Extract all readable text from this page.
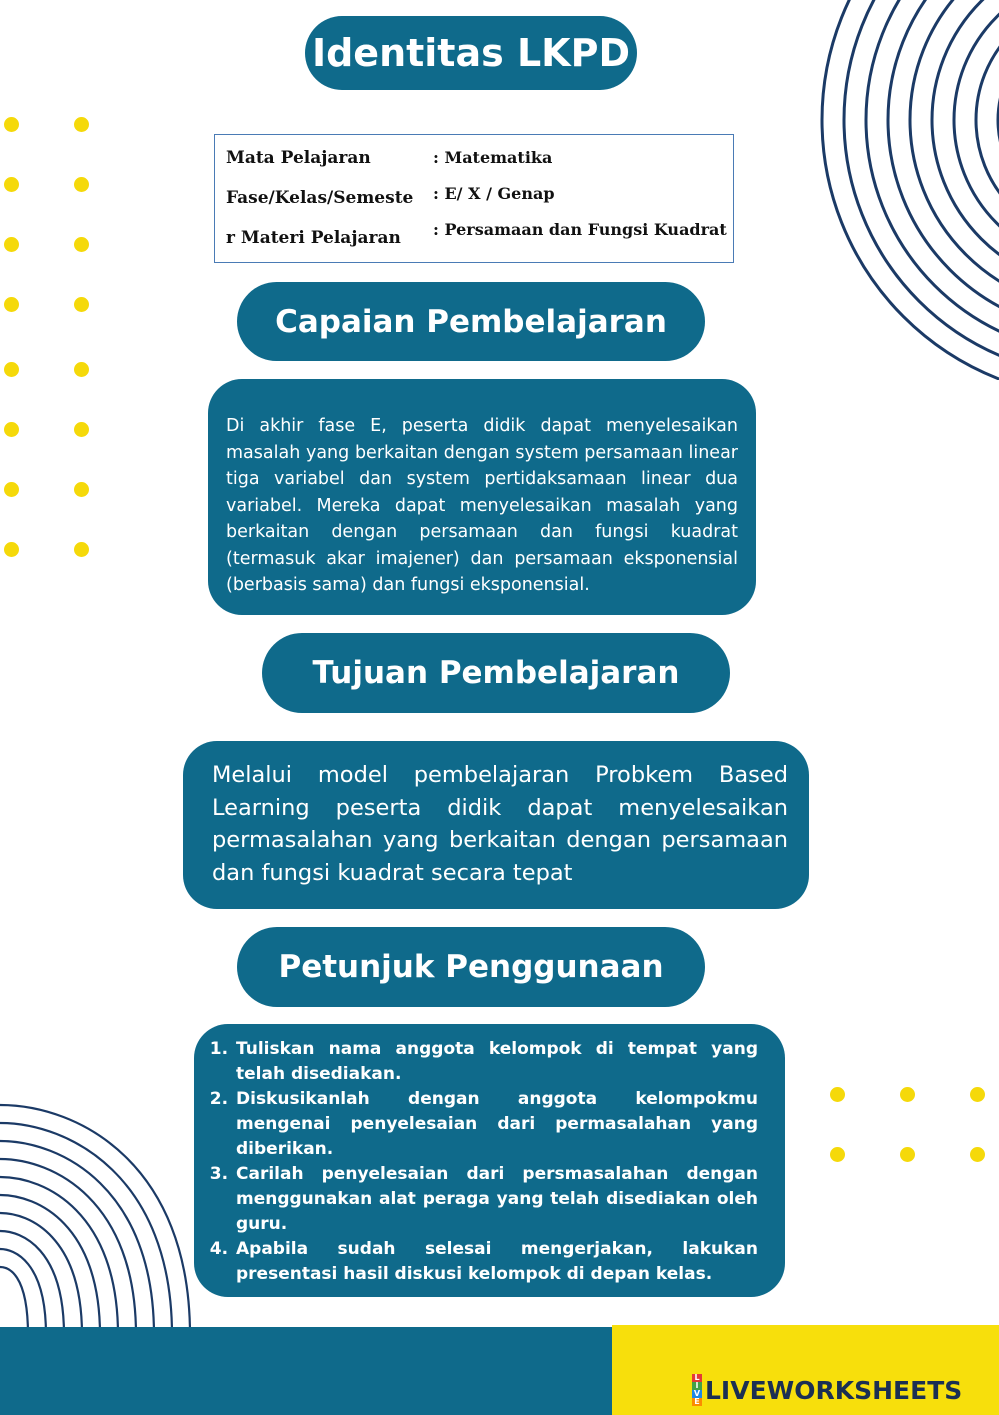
Identitas LKPD
Mata Pelajaran	: Matematika
Fase/Kelas/Semeste : E/ X / Genap
r Materi Pelajaran : Persamaan dan Fungsi Kuadrat
Capaian Pembelajaran
Di akhir fase E, peserta didik dapat menyelesaikan masalah yang berkaitan dengan system persamaan linear tiga variabel dan system pertidaksamaan linear dua variabel. Mereka dapat menyelesaikan masalah yang berkaitan dengan persamaan dan fungsi kuadrat (termasuk akar imajener) dan persamaan eksponensial (berbasis sama) dan fungsi eksponensial.
Tujuan Pembelajaran
Melalui model pembelajaran Probkem Based Learning peserta didik dapat menyelesaikan permasalahan yang berkaitan dengan persamaan dan fungsi kuadrat secara tepat
Petunjuk Penggunaan
1. Tuliskan nama anggota kelompok di tempat yang telah disediakan.
2. Diskusikanlah dengan anggota kelompokmu mengenai penyelesaian dari permasalahan yang diberikan.
3. Carilah penyelesaian dari persmasalahan dengan menggunakan alat peraga yang telah disediakan oleh guru.
4. Apabila sudah selesai mengerjakan, lakukan presentasi hasil diskusi kelompok di depan kelas.
L
I
V
E LIVEWORKSHEETS
